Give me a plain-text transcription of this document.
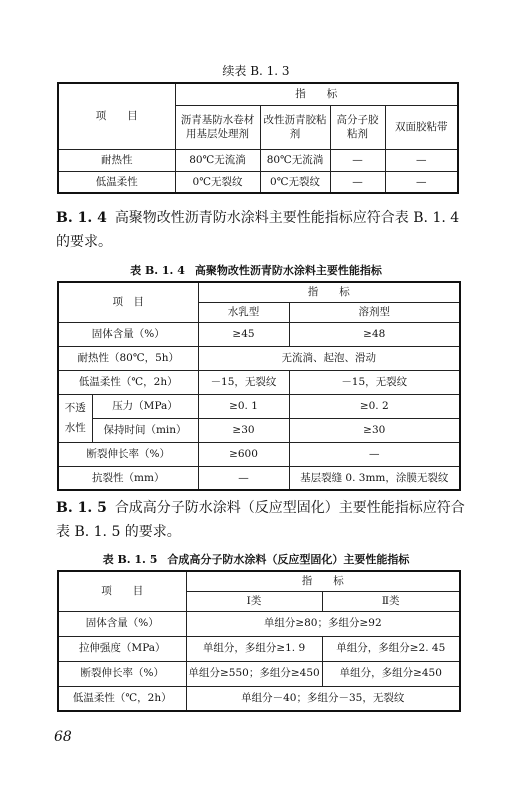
续表 B. 1. 3
项　　目	指　　标			
	沥青基防水卷材用基层处理剂	改性沥青胶粘剂	高分子胶粘剂	双面胶粘带
耐热性	80℃无流淌	80℃无流淌	—	—
低温柔性	0℃无裂纹	0℃无裂纹	—	—
B. 1. 4 高聚物改性沥青防水涂料主要性能指标应符合表 B. 1. 4 的要求。
表 B. 1. 4 高聚物改性沥青防水涂料主要性能指标
项　目		指　　标	
		水乳型	溶剂型
固体含量（%）		≥45	≥48
耐热性（80℃，5h）		无流淌、起泡、滑动	
低温柔性（℃，2h）		－15，无裂纹	－15，无裂纹
不透
水性	压力（MPa）	≥0. 1	≥0. 2
	保持时间（min）	≥30	≥30
断裂伸长率（%）		≥600	—
抗裂性（mm）		—	基层裂缝 0. 3mm，涂膜无裂纹
B. 1. 5 合成高分子防水涂料（反应型固化）主要性能指标应符合表 B. 1. 5 的要求。
表 B. 1. 5 合成高分子防水涂料（反应型固化）主要性能指标
项　　目	指　　标	
	Ⅰ类	Ⅱ类
固体含量（%）	单组分≥80；多组分≥92	
拉伸强度（MPa）	单组分，多组分≥1. 9	单组分，多组分≥2. 45
断裂伸长率（%）	单组分≥550；多组分≥450	单组分，多组分≥450
低温柔性（℃，2h）	单组分－40；多组分－35，无裂纹	
68
